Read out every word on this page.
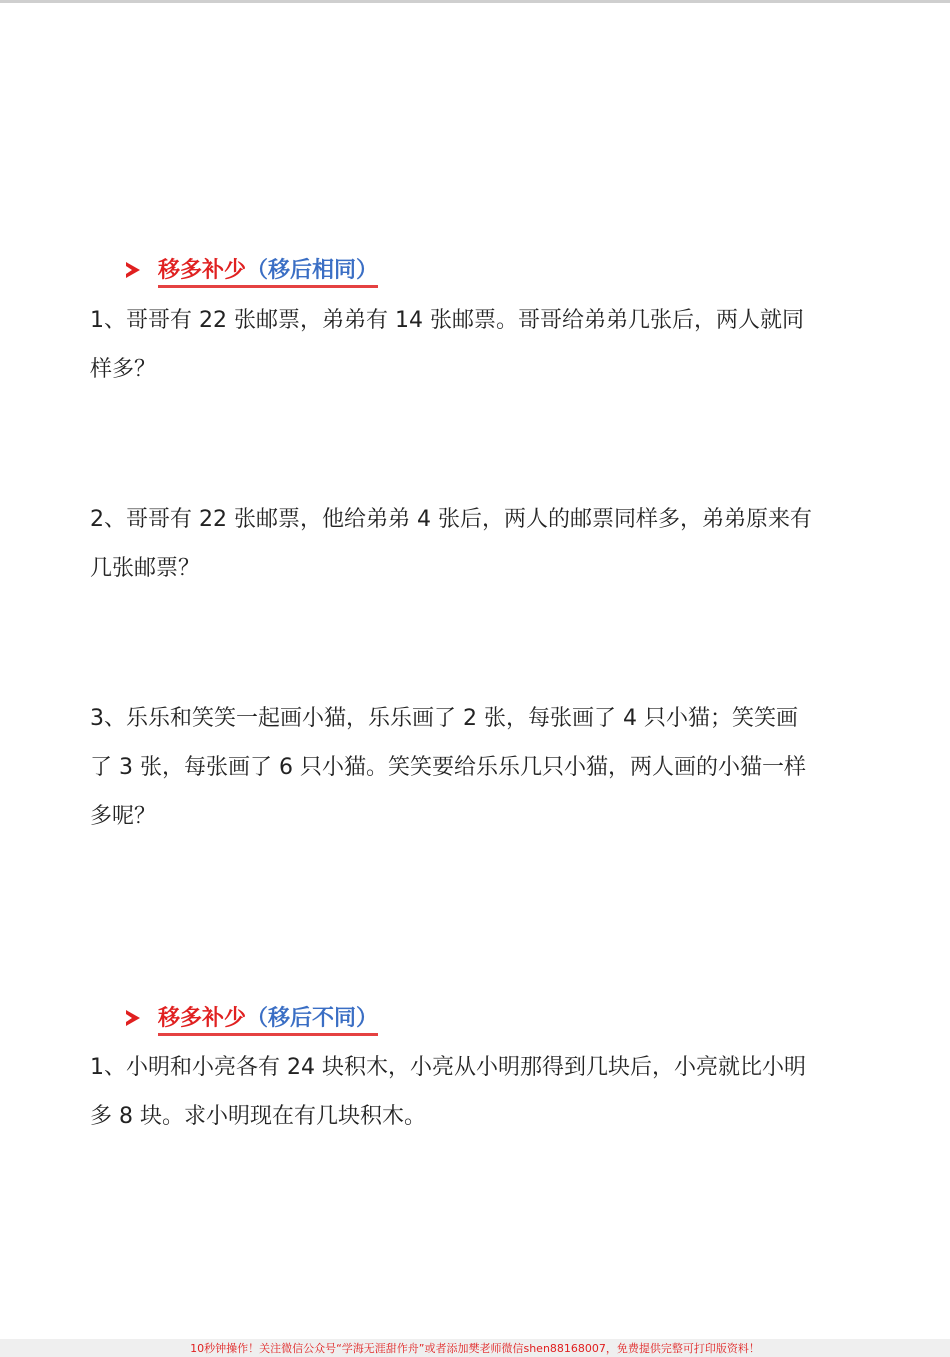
移多补少（移后相同）
1、哥哥有 22 张邮票，弟弟有 14 张邮票。哥哥给弟弟几张后，两人就同
样多？
2、哥哥有 22 张邮票，他给弟弟 4 张后，两人的邮票同样多，弟弟原来有
几张邮票？
3、乐乐和笑笑一起画小猫，乐乐画了 2 张，每张画了 4 只小猫；笑笑画
了 3 张，每张画了 6 只小猫。笑笑要给乐乐几只小猫，两人画的小猫一样
多呢？
移多补少（移后不同）
1、小明和小亮各有 24 块积木，小亮从小明那得到几块后，小亮就比小明
多 8 块。求小明现在有几块积木。
10秒钟操作！关注微信公众号“学海无涯甜作舟”或者添加樊老师微信shen88168007，免费提供完整可打印版资料！
